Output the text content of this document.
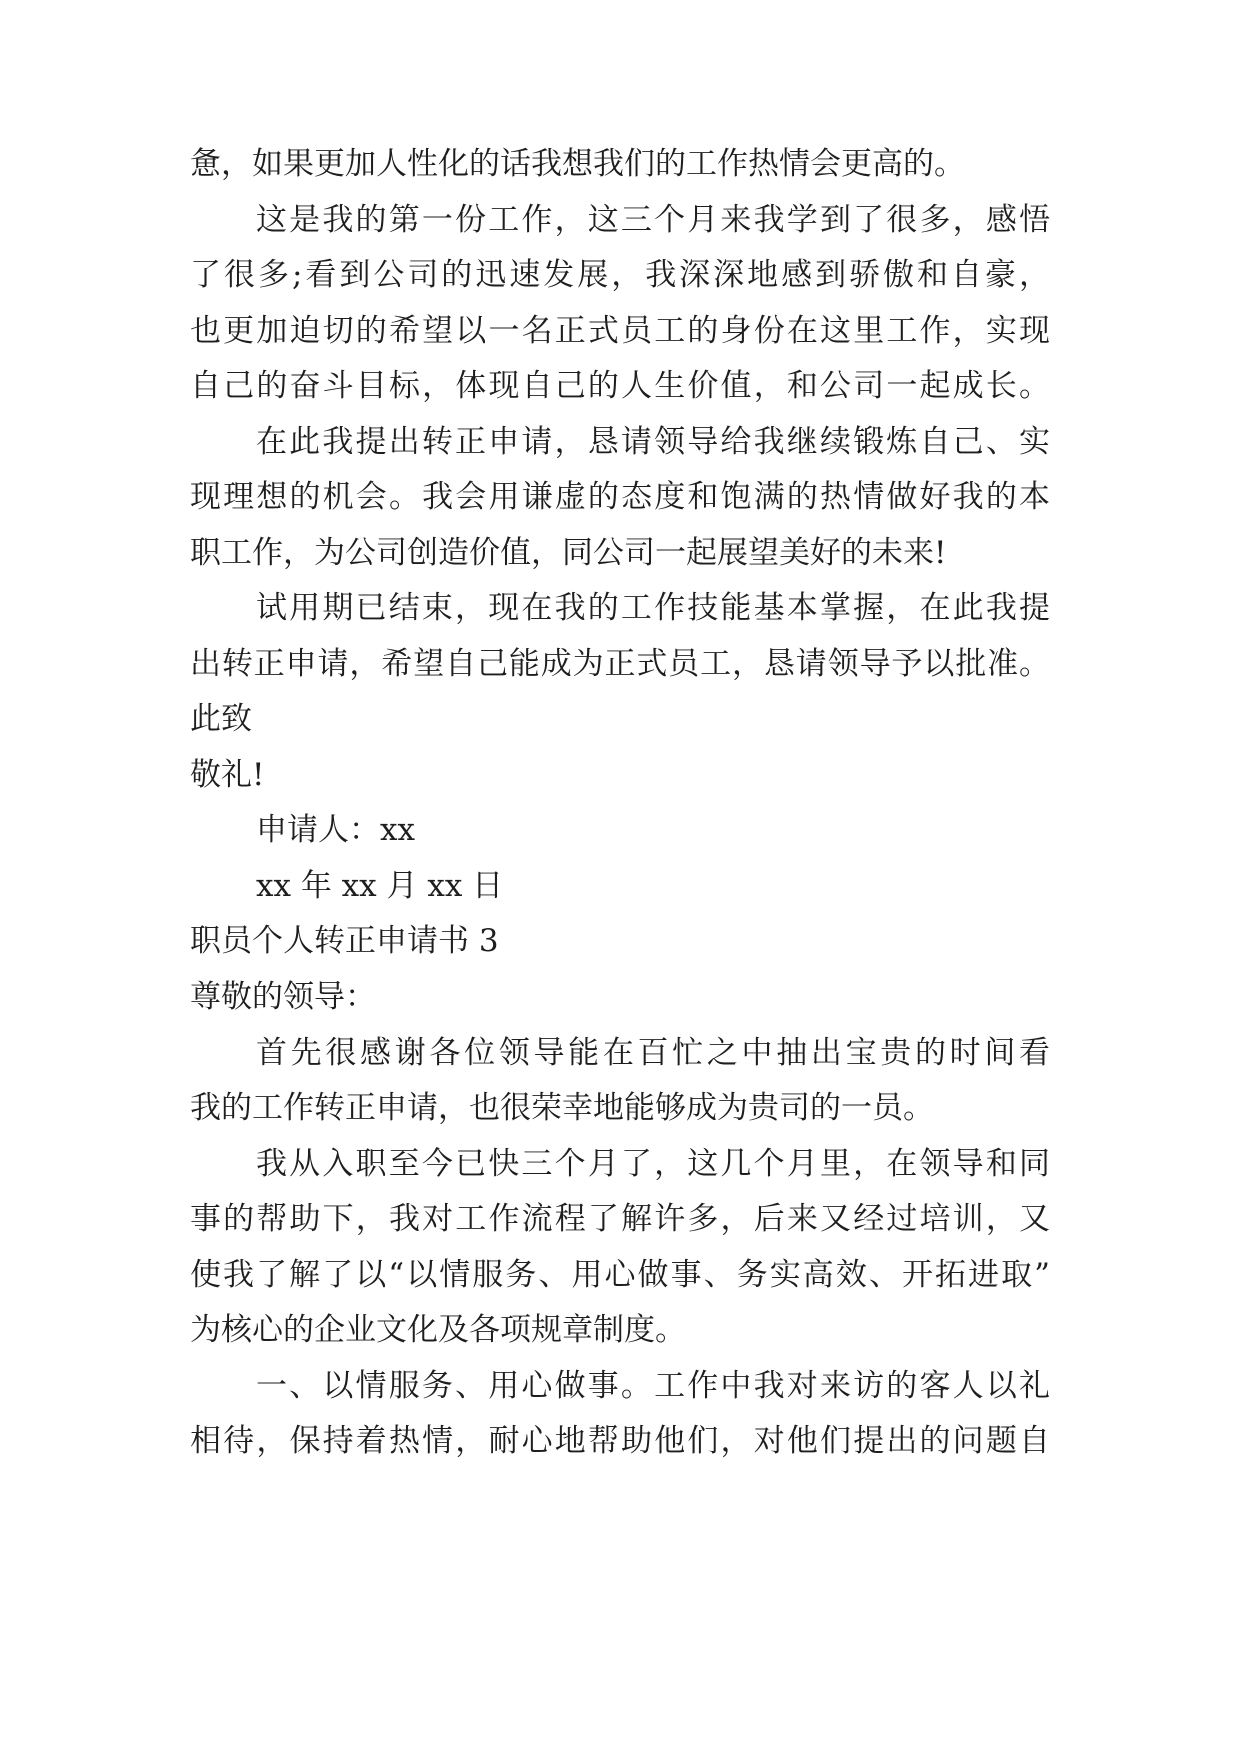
惫，如果更加人性化的话我想我们的工作热情会更高的。
这是我的第一份工作，这三个月来我学到了很多，感悟
了很多;看到公司的迅速发展，我深深地感到骄傲和自豪，
也更加迫切的希望以一名正式员工的身份在这里工作，实现
自己的奋斗目标，体现自己的人生价值，和公司一起成长。
在此我提出转正申请，恳请领导给我继续锻炼自己、实
现理想的机会。我会用谦虚的态度和饱满的热情做好我的本
职工作，为公司创造价值，同公司一起展望美好的未来!
试用期已结束，现在我的工作技能基本掌握，在此我提
出转正申请，希望自己能成为正式员工，恳请领导予以批准。
此致
敬礼!
申请人：xx
xx 年 xx 月 xx 日
职员个人转正申请书 3
尊敬的领导：
首先很感谢各位领导能在百忙之中抽出宝贵的时间看
我的工作转正申请，也很荣幸地能够成为贵司的一员。
我从入职至今已快三个月了，这几个月里，在领导和同
事的帮助下，我对工作流程了解许多，后来又经过培训，又
使我了解了以“以情服务、用心做事、务实高效、开拓进取”
为核心的企业文化及各项规章制度。
一、以情服务、用心做事。工作中我对来访的客人以礼
相待，保持着热情，耐心地帮助他们，对他们提出的问题自
